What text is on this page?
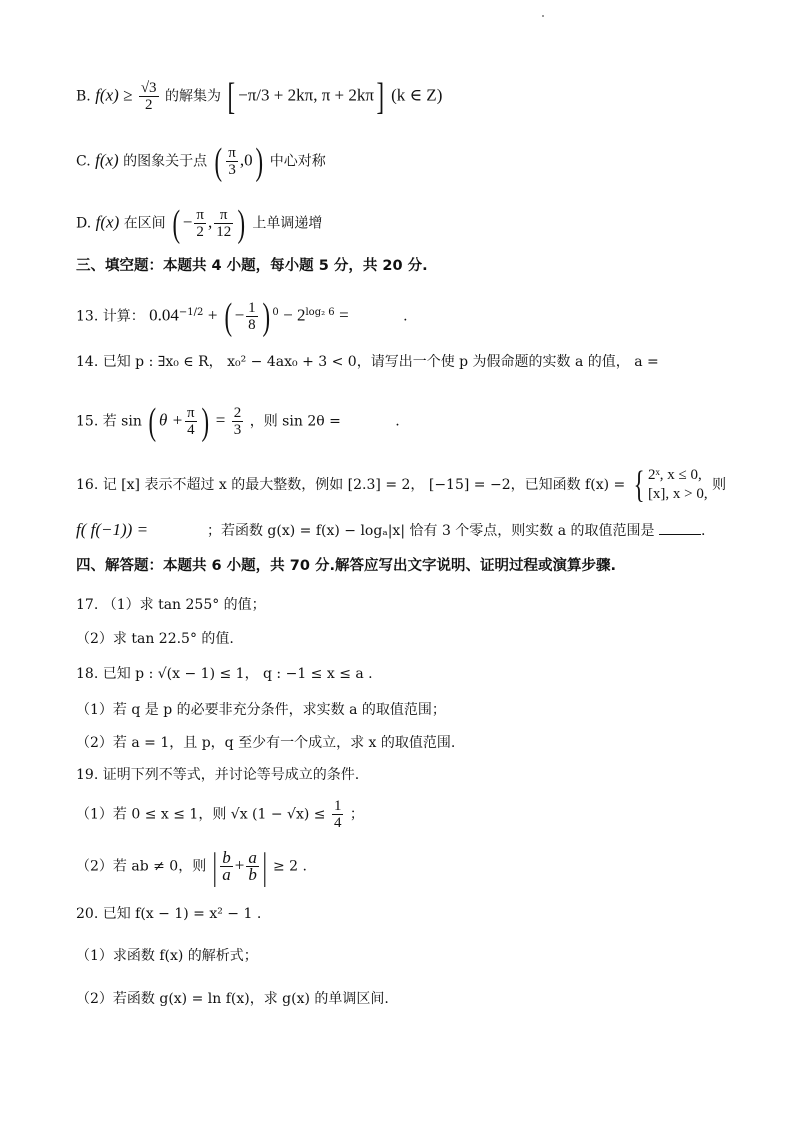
B. $f(x) \ge \frac{√3}{2}$ 的解集为 [ −π/3 + 2kπ, π + 2kπ] (k ∈ Z)
C. f(x) 的图象关于点 ( $\frac{\pi}{3} ,0$) 中心对称
D. f(x) 在区间 ( − $\frac{\pi}{2}$ , $\frac{\pi}{12}$ ) 上单调递增
三、填空题：本题共 4 小题，每小题 5 分，共 20 分.
13. 计算： $0.04^{-1/2}$ + ( − $\frac{1}{8}$ ) $^0 - 2^{log_2 6}$ =	.
14. 已知 p : ∃x₀ ∈ R， x₀² − 4ax₀ + 3 < 0，请写出一个使 p 为假命题的实数 a 的值， a =
15. 若 sin ( $\theta + \frac{\pi}{4}$ ) = $\frac{2}{3}$ ，则 sin 2θ =	.
16. 记 [x] 表示不超过 x 的最大整数，例如 [2.3] = 2， [−15] = −2，已知函数 f(x) = { 2ˣ, x ≤ 0,
[x], x > 0,
则
f( f(−1)) =	；若函数 g(x) = f(x) − logₐ|x| 恰有 3 个零点，则实数 a 的取值范围是	.
四、解答题：本题共 6 小题，共 70 分.解答应写出文字说明、证明过程或演算步骤.
17. （1）求 tan 255° 的值；
（2）求 tan 22.5° 的值.
18. 已知 p : √(x − 1) ≤ 1， q : −1 ≤ x ≤ a .
（1）若 q 是 p 的必要非充分条件，求实数 a 的取值范围；
（2）若 a = 1，且 p，q 至少有一个成立，求 x 的取值范围.
19. 证明下列不等式，并讨论等号成立的条件.
（1）若 0 ≤ x ≤ 1，则 √x $(1 - √x) \le \frac{1}{4}$ ；
（2）若 ab ≠ 0，则 | $\frac{b}{a} + \frac{a}{b}$ | ≥ 2 .
20. 已知 f(x − 1) = x² − 1 .
（1）求函数 f(x) 的解析式；
（2）若函数 g(x) = ln f(x)，求 g(x) 的单调区间.
